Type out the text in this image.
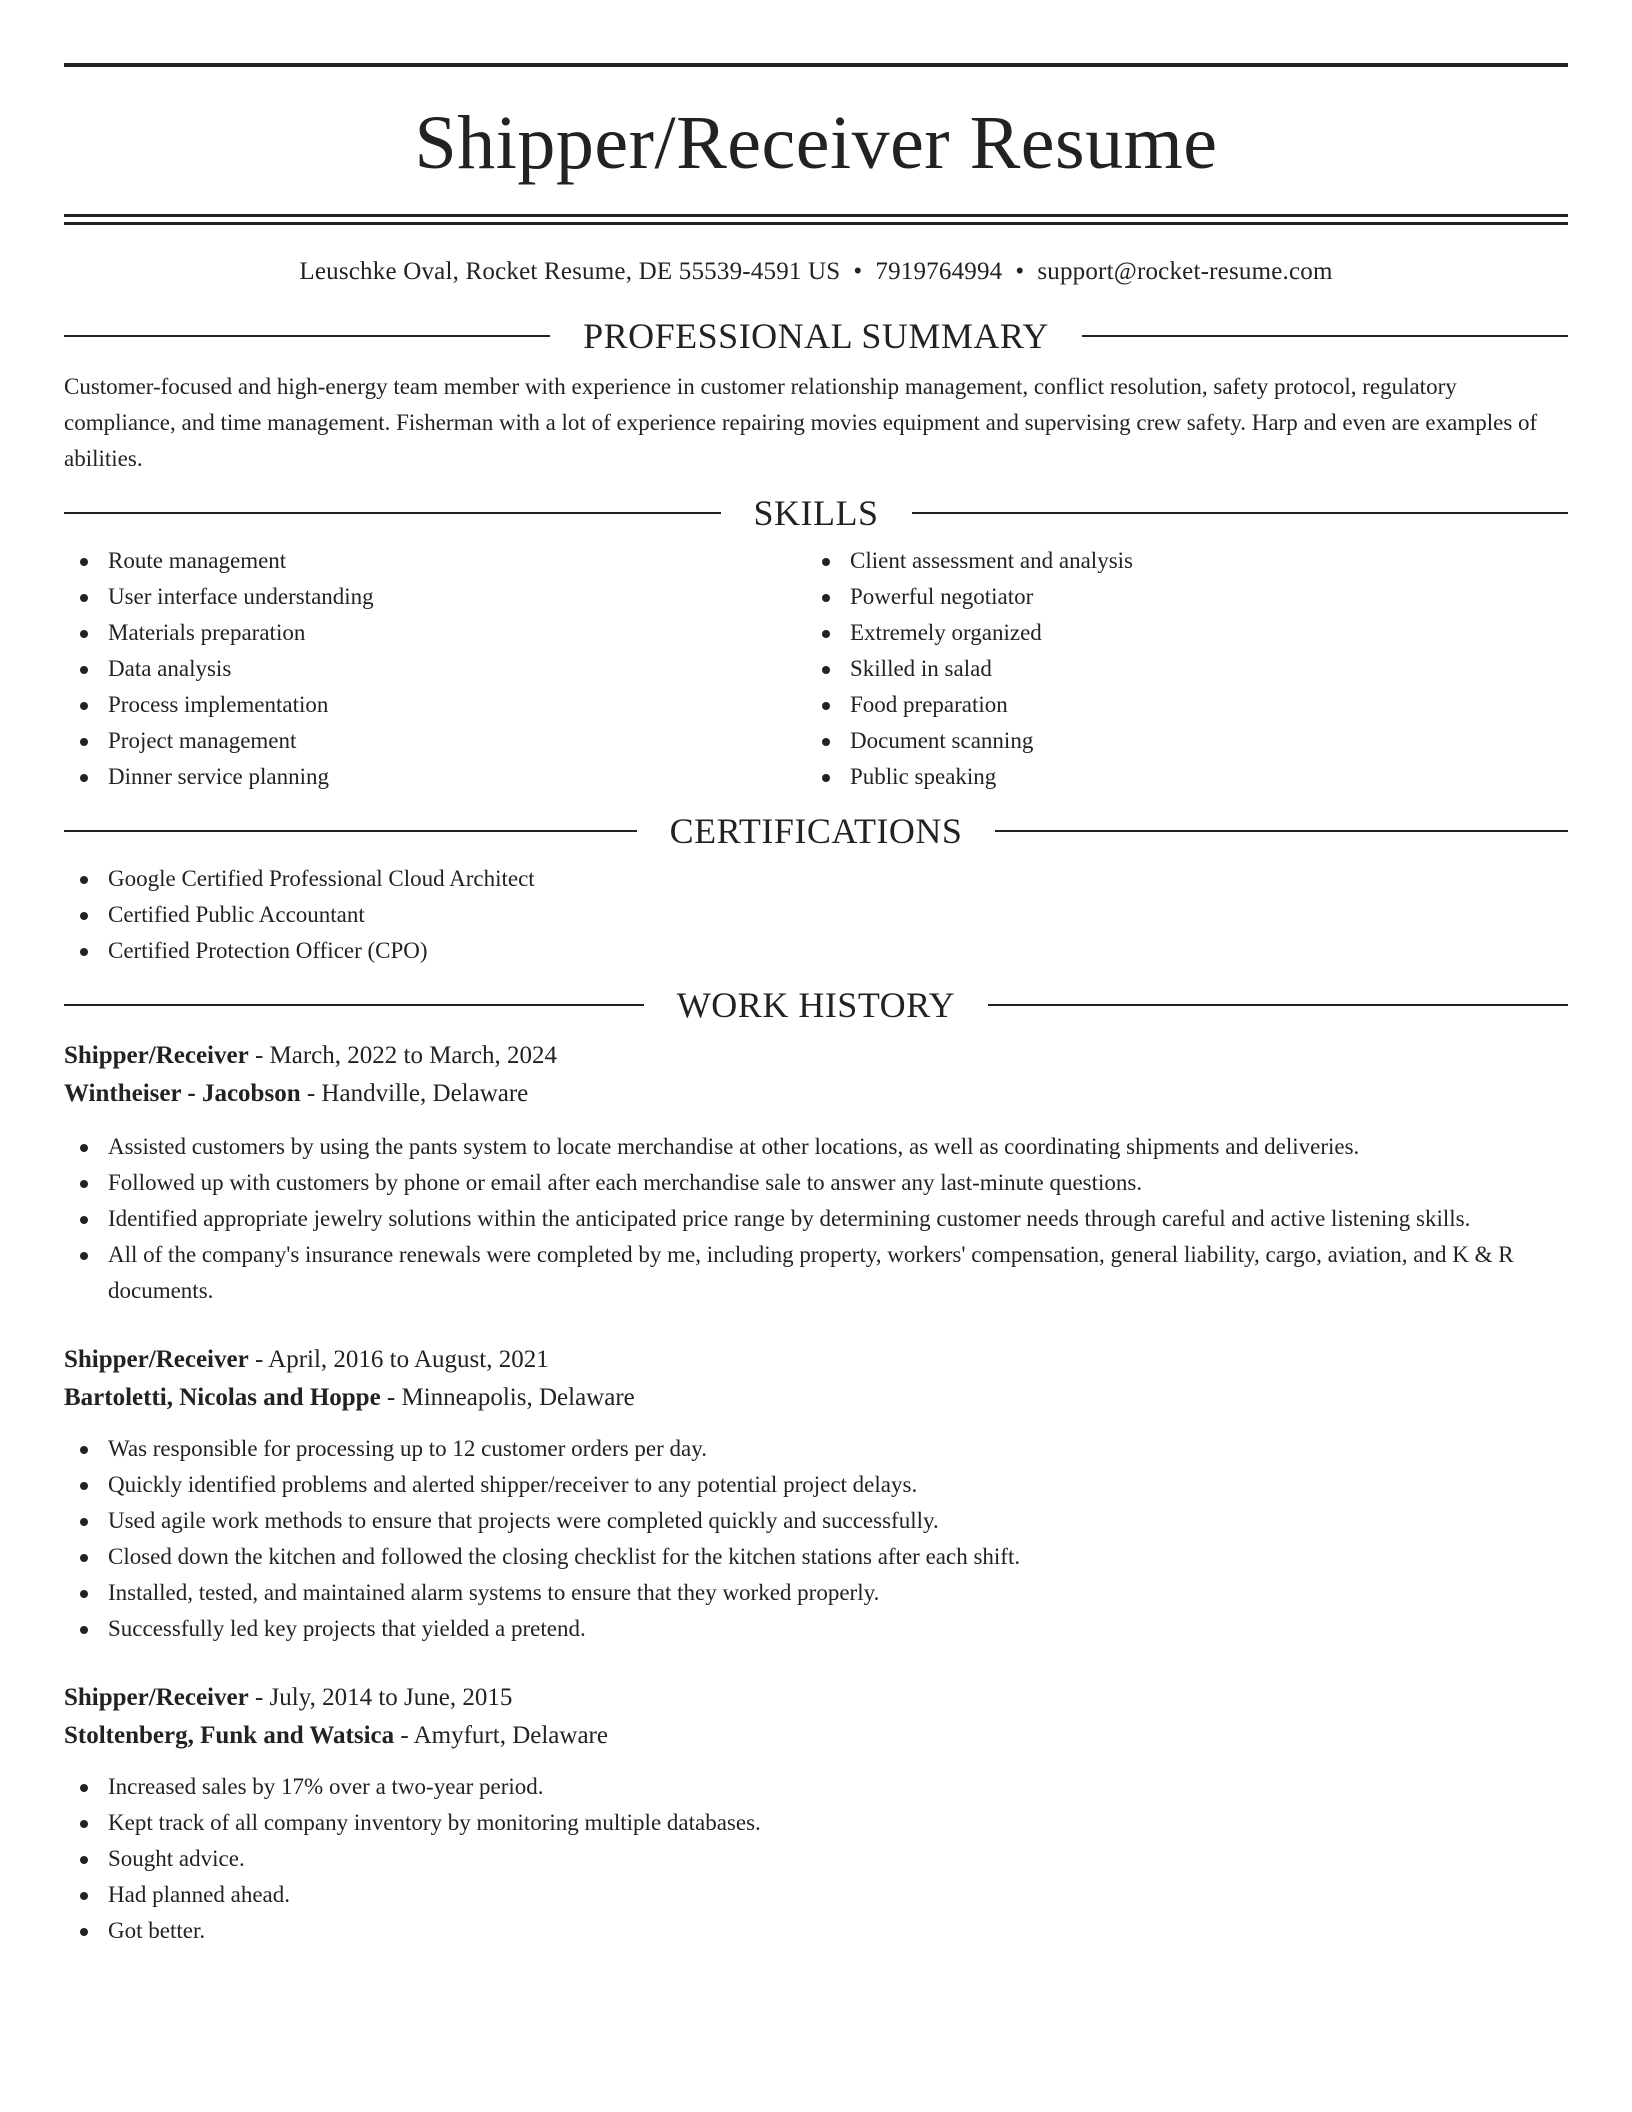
Shipper/Receiver Resume
Leuschke Oval, Rocket Resume, DE 55539-4591 US • 7919764994 • support@rocket-resume.com
PROFESSIONAL SUMMARY

Customer-focused and high-energy team member with experience in customer relationship management, conflict resolution, safety protocol, regulatory compliance, and time management. Fisherman with a lot of experience repairing movies equipment and supervising crew safety. Harp and even are examples of abilities.

SKILLS
Route management
User interface understanding
Materials preparation
Data analysis
Process implementation
Project management
Dinner service planning
Client assessment and analysis
Powerful negotiator
Extremely organized
Skilled in salad
Food preparation
Document scanning
Public speaking
CERTIFICATIONS
Google Certified Professional Cloud Architect
Certified Public Accountant
Certified Protection Officer (CPO)
WORK HISTORY
Shipper/Receiver - March, 2022 to March, 2024
Wintheiser - Jacobson - Handville, Delaware
Assisted customers by using the pants system to locate merchandise at other locations, as well as coordinating shipments and deliveries.
Followed up with customers by phone or email after each merchandise sale to answer any last-minute questions.
Identified appropriate jewelry solutions within the anticipated price range by determining customer needs through careful and active listening skills.
All of the company's insurance renewals were completed by me, including property, workers' compensation, general liability, cargo, aviation, and K & R documents.
Shipper/Receiver - April, 2016 to August, 2021
Bartoletti, Nicolas and Hoppe - Minneapolis, Delaware
Was responsible for processing up to 12 customer orders per day.
Quickly identified problems and alerted shipper/receiver to any potential project delays.
Used agile work methods to ensure that projects were completed quickly and successfully.
Closed down the kitchen and followed the closing checklist for the kitchen stations after each shift.
Installed, tested, and maintained alarm systems to ensure that they worked properly.
Successfully led key projects that yielded a pretend.
Shipper/Receiver - July, 2014 to June, 2015
Stoltenberg, Funk and Watsica - Amyfurt, Delaware
Increased sales by 17% over a two-year period.
Kept track of all company inventory by monitoring multiple databases.
Sought advice.
Had planned ahead.
Got better.
